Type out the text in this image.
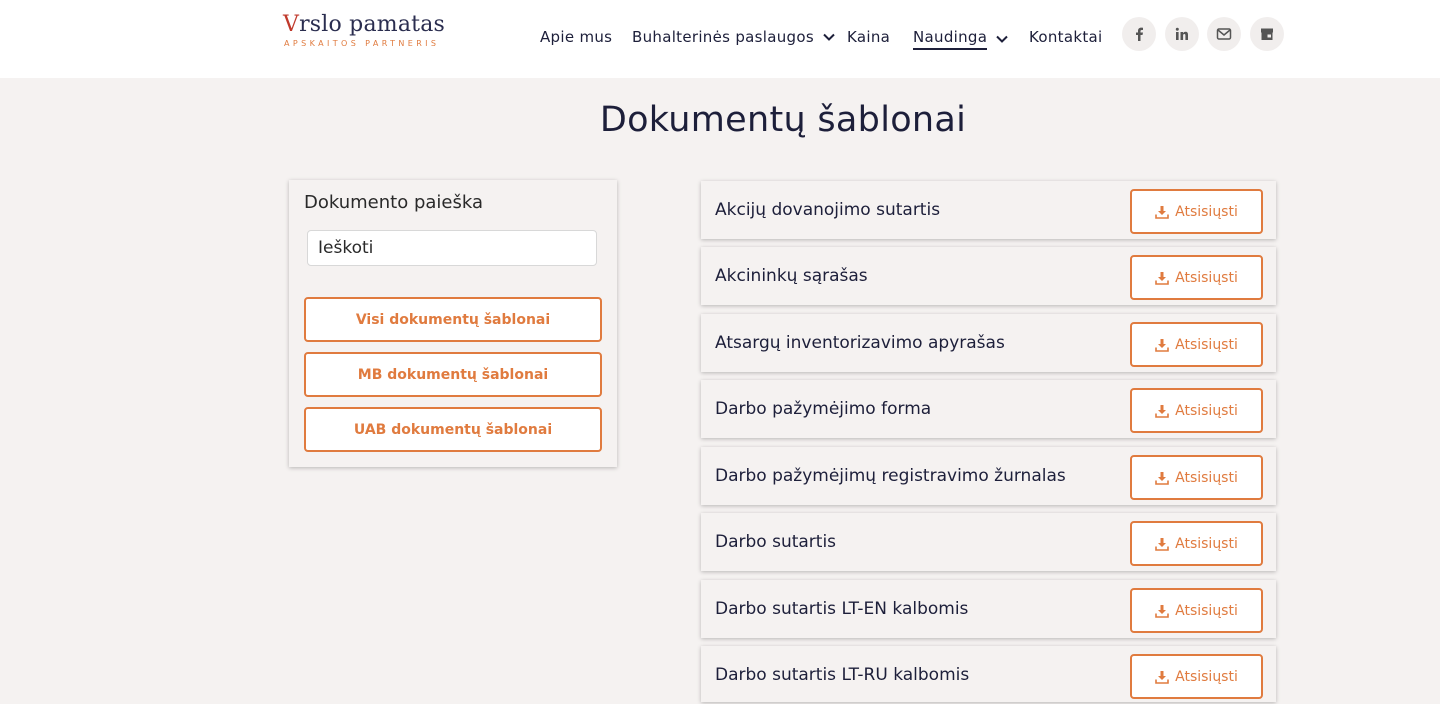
Vrslo pamatas
APSKAITOS PARTNERIS	Apie mus Buhalterinės paslaugos Kaina Naudinga	Kontaktai
Dokumentų šablonai
Dokumento paieška
Ieškoti
Visi dokumentų šablonai
MB dokumentų šablonai
UAB dokumentų šablonai
Akcijų dovanojimo sutartis	Atsisiųsti
Akcininkų sąrašas	Atsisiųsti
Atsargų inventorizavimo apyrašas	Atsisiųsti
Darbo pažymėjimo forma	Atsisiųsti
Darbo pažymėjimų registravimo žurnalas	Atsisiųsti
Darbo sutartis	Atsisiųsti
Darbo sutartis LT-EN kalbomis	Atsisiųsti
Darbo sutartis LT-RU kalbomis	Atsisiųsti
